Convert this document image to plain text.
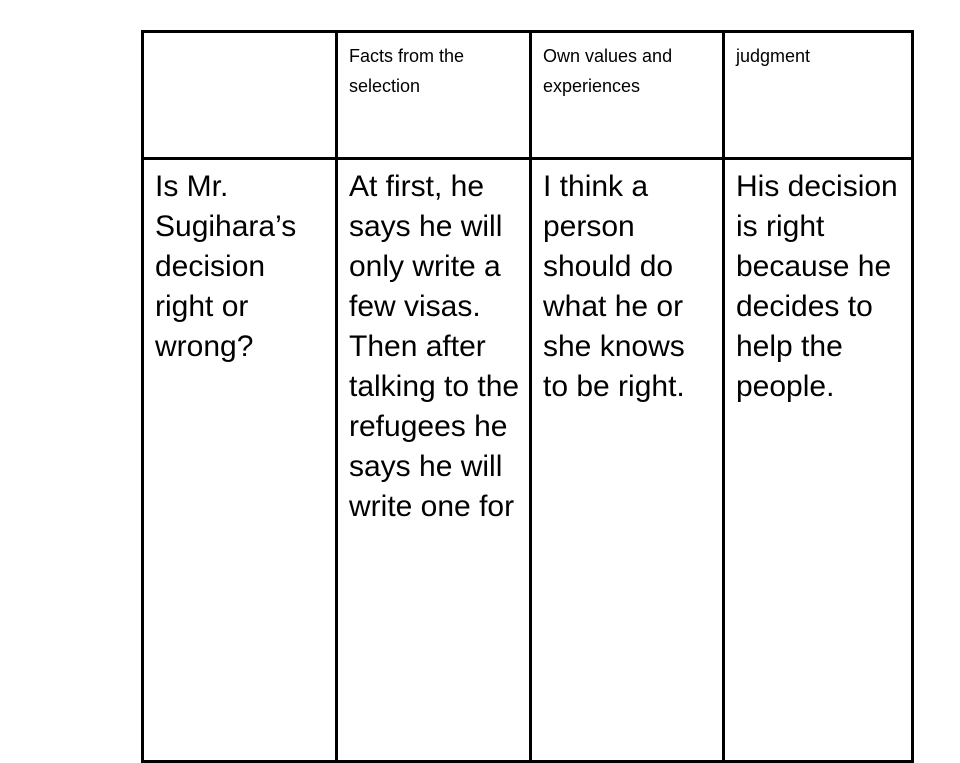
	Facts from the selection	Own values and experiences	judgment

Is Mr. Sugihara’s decision right or wrong?	At first, he says he will only write a few visas. Then after talking to the refugees he says he will write one for	I think a person should do what he or she knows to be right.	His decision is right because he decides to help the people.
